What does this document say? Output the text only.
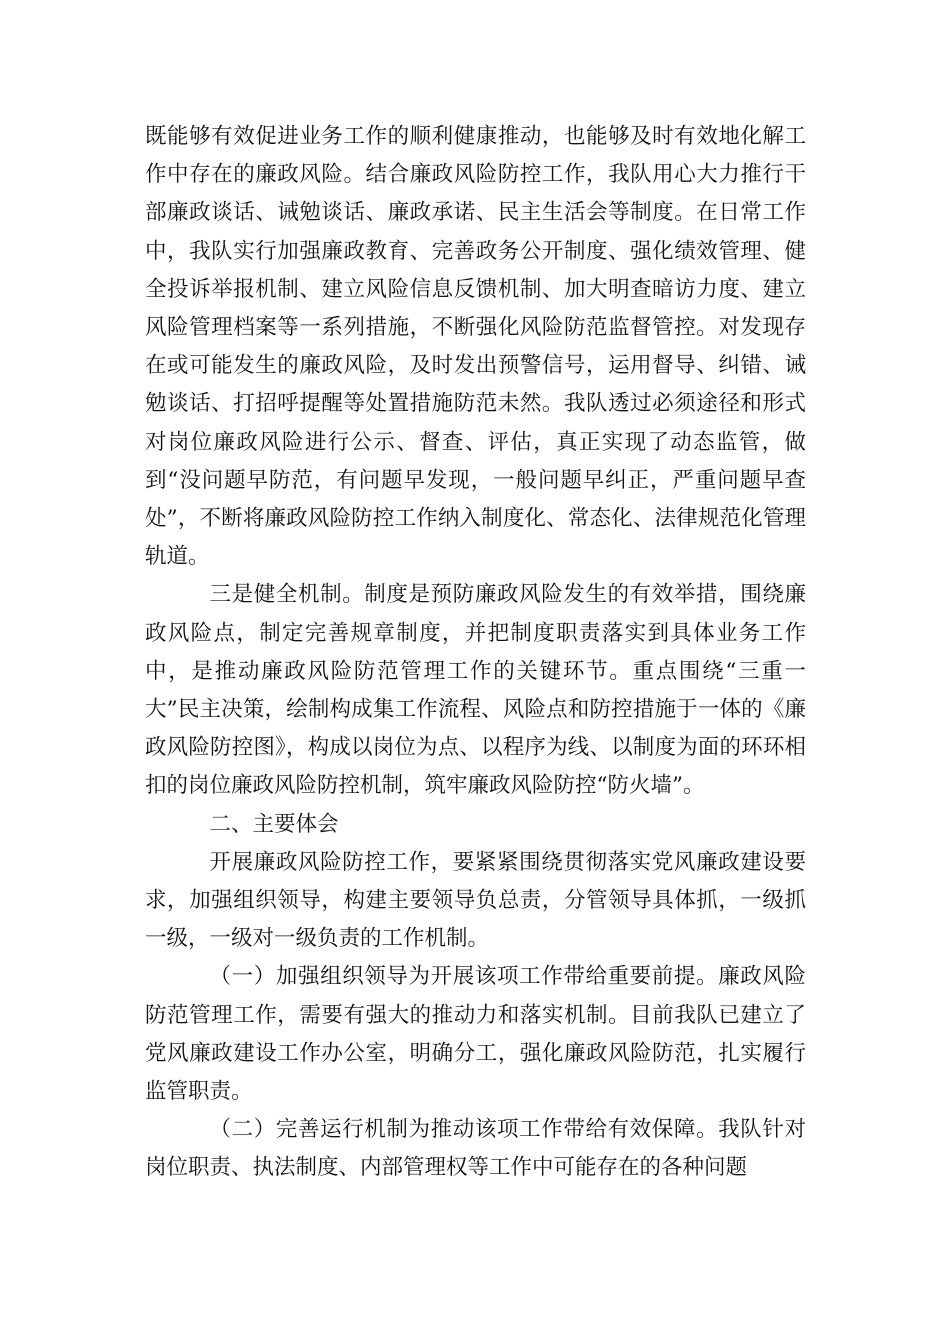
既能够有效促进业务工作的顺利健康推动，也能够及时有效地化解工作中存在的廉政风险。结合廉政风险防控工作，我队用心大力推行干部廉政谈话、诫勉谈话、廉政承诺、民主生活会等制度。在日常工作中，我队实行加强廉政教育、完善政务公开制度、强化绩效管理、健全投诉举报机制、建立风险信息反馈机制、加大明查暗访力度、建立风险管理档案等一系列措施，不断强化风险防范监督管控。对发现存在或可能发生的廉政风险，及时发出预警信号，运用督导、纠错、诫勉谈话、打招呼提醒等处置措施防范未然。我队透过必须途径和形式对岗位廉政风险进行公示、督查、评估，真正实现了动态监管，做到“没问题早防范，有问题早发现，一般问题早纠正，严重问题早查处”，不断将廉政风险防控工作纳入制度化、常态化、法律规范化管理轨道。

三是健全机制。制度是预防廉政风险发生的有效举措，围绕廉政风险点，制定完善规章制度，并把制度职责落实到具体业务工作中，是推动廉政风险防范管理工作的关键环节。重点围绕“三重一大”民主决策，绘制构成集工作流程、风险点和防控措施于一体的《廉政风险防控图》，构成以岗位为点、以程序为线、以制度为面的环环相扣的岗位廉政风险防控机制，筑牢廉政风险防控“防火墙”。

二、主要体会

开展廉政风险防控工作，要紧紧围绕贯彻落实党风廉政建设要求，加强组织领导，构建主要领导负总责，分管领导具体抓，一级抓一级，一级对一级负责的工作机制。

（一）加强组织领导为开展该项工作带给重要前提。廉政风险防范管理工作，需要有强大的推动力和落实机制。目前我队已建立了党风廉政建设工作办公室，明确分工，强化廉政风险防范，扎实履行监管职责。

（二）完善运行机制为推动该项工作带给有效保障。我队针对岗位职责、执法制度、内部管理权等工作中可能存在的各种问题
